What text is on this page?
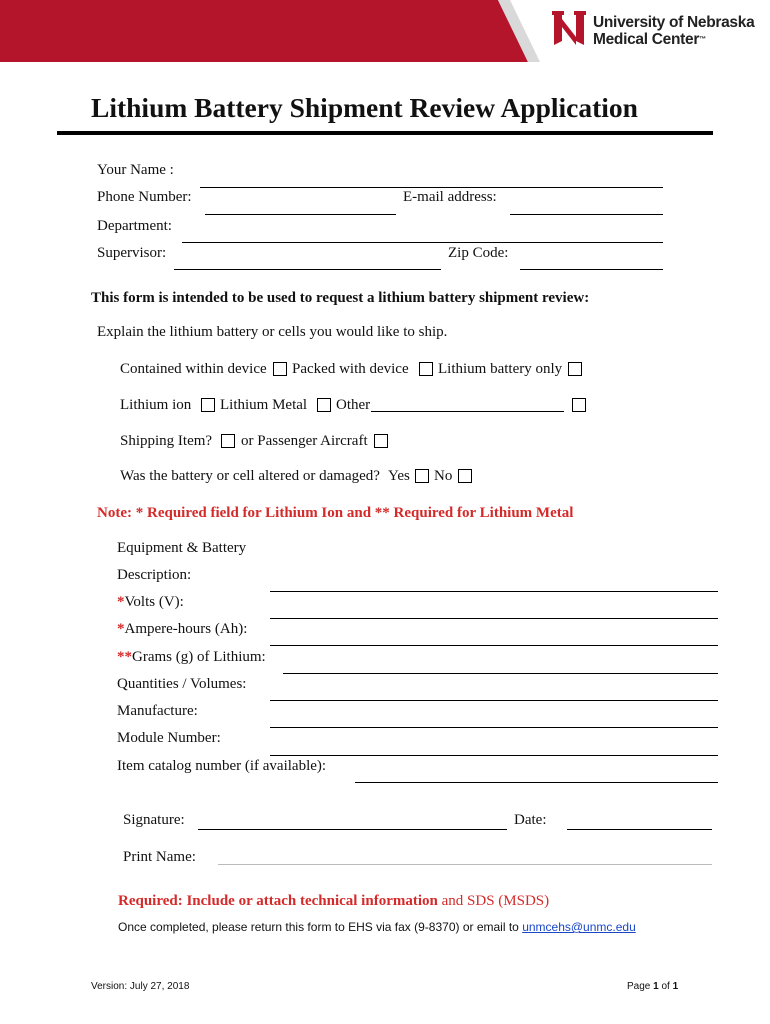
University of Nebraska
Medical Center™
Lithium Battery Shipment Review Application
Your Name :
Phone Number:	E-mail address:
Department:
Supervisor:	Zip Code:
This form is intended to be used to request a lithium battery shipment review:
Explain the lithium battery or cells you would like to ship.
Contained within device Packed with device Lithium battery only
Lithium ion Lithium Metal Other
Shipping Item? or Passenger Aircraft
Was the battery or cell altered or damaged? Yes No
Note: * Required field for Lithium Ion and ** Required for Lithium Metal
Equipment & Battery
Description:
*Volts (V):
*Ampere-hours (Ah):
**Grams (g) of Lithium:
Quantities / Volumes:
Manufacture:
Module Number:
Item catalog number (if available):
Signature:	Date:
Print Name:
Required: Include or attach technical information and SDS (MSDS)
Once completed, please return this form to EHS via fax (9-8370) or email to unmcehs@unmc.edu
Version: July 27, 2018	Page 1 of 1
